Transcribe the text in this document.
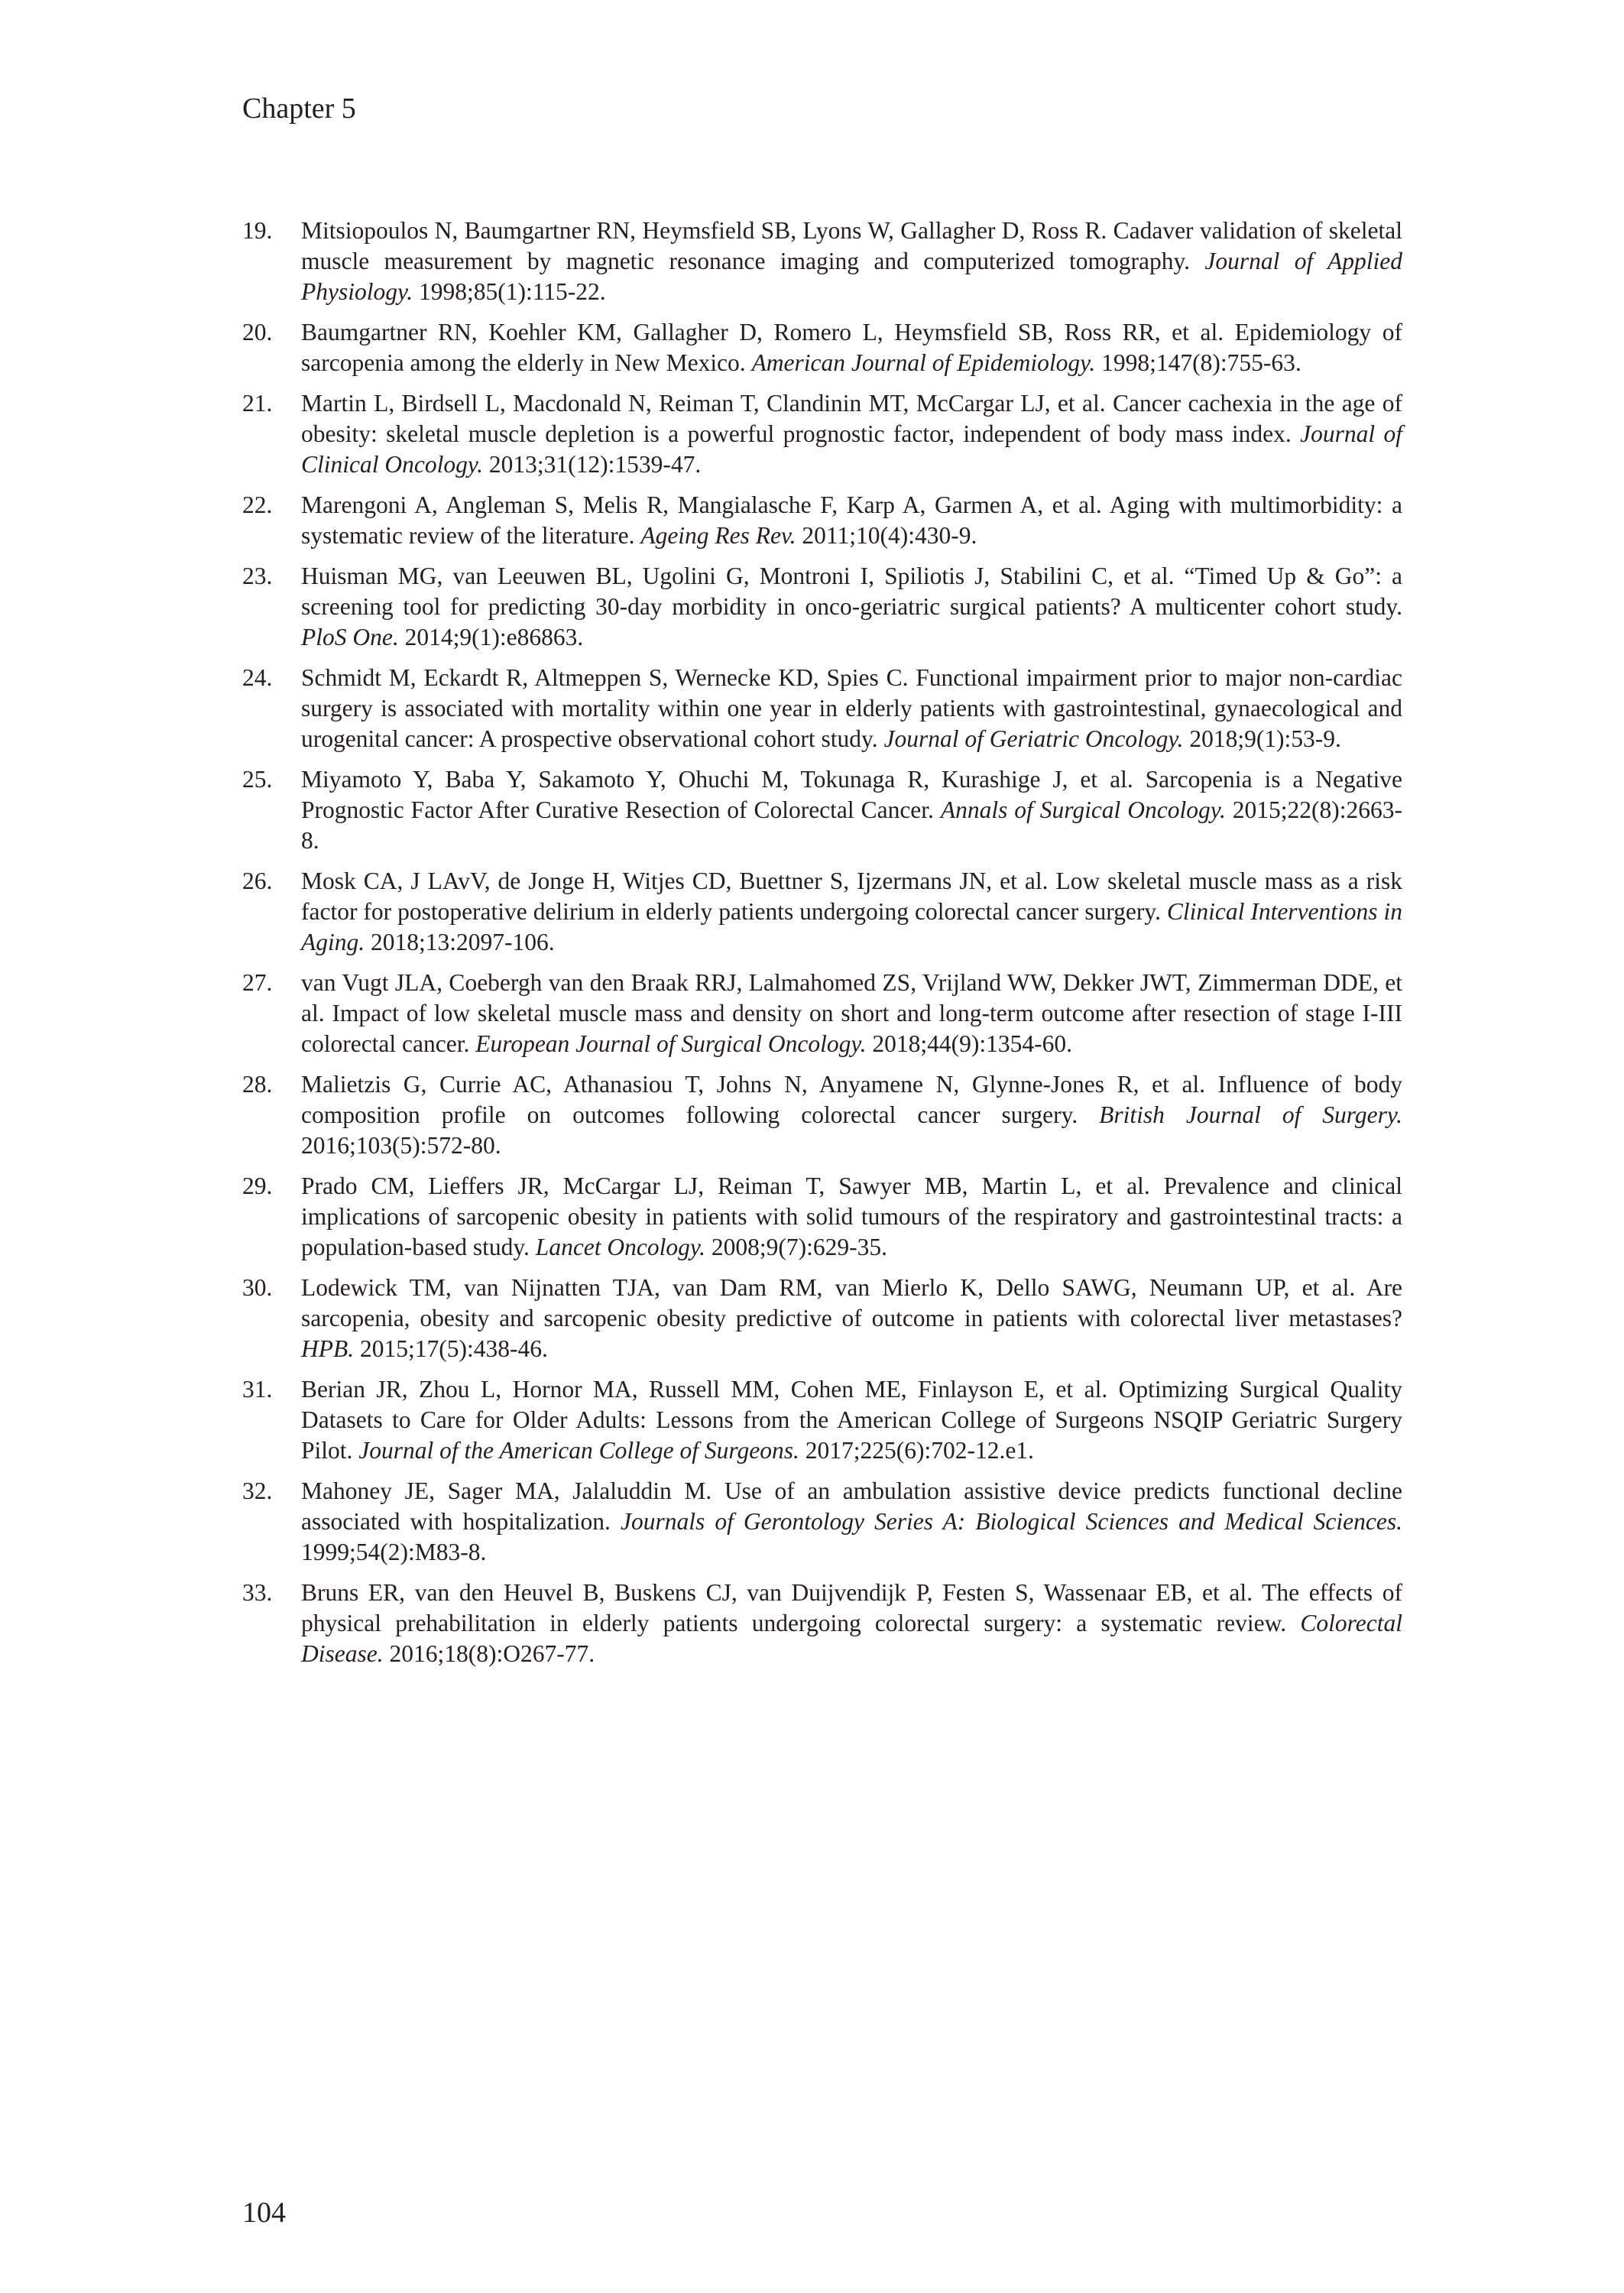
Chapter 5
19. Mitsiopoulos N, Baumgartner RN, Heymsfield SB, Lyons W, Gallagher D, Ross R. Cadaver validation of skeletal muscle measurement by magnetic resonance imaging and computerized tomography. Journal of Applied Physiology. 1998;85(1):115-22.
20. Baumgartner RN, Koehler KM, Gallagher D, Romero L, Heymsfield SB, Ross RR, et al. Epidemiology of sarcopenia among the elderly in New Mexico. American Journal of Epidemiology. 1998;147(8):755-63.
21. Martin L, Birdsell L, Macdonald N, Reiman T, Clandinin MT, McCargar LJ, et al. Cancer cachexia in the age of obesity: skeletal muscle depletion is a powerful prognostic factor, independent of body mass index. Journal of Clinical Oncology. 2013;31(12):1539-47.
22. Marengoni A, Angleman S, Melis R, Mangialasche F, Karp A, Garmen A, et al. Aging with multimorbidity: a systematic review of the literature. Ageing Res Rev. 2011;10(4):430-9.
23. Huisman MG, van Leeuwen BL, Ugolini G, Montroni I, Spiliotis J, Stabilini C, et al. “Timed Up & Go”: a screening tool for predicting 30-day morbidity in onco-geriatric surgical patients? A multicenter cohort study. PloS One. 2014;9(1):e86863.
24. Schmidt M, Eckardt R, Altmeppen S, Wernecke KD, Spies C. Functional impairment prior to major non-cardiac surgery is associated with mortality within one year in elderly patients with gastrointestinal, gynaecological and urogenital cancer: A prospective observational cohort study. Journal of Geriatric Oncology. 2018;9(1):53-9.
25. Miyamoto Y, Baba Y, Sakamoto Y, Ohuchi M, Tokunaga R, Kurashige J, et al. Sarcopenia is a Negative Prognostic Factor After Curative Resection of Colorectal Cancer. Annals of Surgical Oncology. 2015;22(8):2663-8.
26. Mosk CA, J LAvV, de Jonge H, Witjes CD, Buettner S, Ijzermans JN, et al. Low skeletal muscle mass as a risk factor for postoperative delirium in elderly patients undergoing colorectal cancer surgery. Clinical Interventions in Aging. 2018;13:2097-106.
27. van Vugt JLA, Coebergh van den Braak RRJ, Lalmahomed ZS, Vrijland WW, Dekker JWT, Zimmerman DDE, et al. Impact of low skeletal muscle mass and density on short and long-term outcome after resection of stage I-III colorectal cancer. European Journal of Surgical Oncology. 2018;44(9):1354-60.
28. Malietzis G, Currie AC, Athanasiou T, Johns N, Anyamene N, Glynne-Jones R, et al. Influence of body composition profile on outcomes following colorectal cancer surgery. British Journal of Surgery. 2016;103(5):572-80.
29. Prado CM, Lieffers JR, McCargar LJ, Reiman T, Sawyer MB, Martin L, et al. Prevalence and clinical implications of sarcopenic obesity in patients with solid tumours of the respiratory and gastrointestinal tracts: a population-based study. Lancet Oncology. 2008;9(7):629-35.
30. Lodewick TM, van Nijnatten TJA, van Dam RM, van Mierlo K, Dello SAWG, Neumann UP, et al. Are sarcopenia, obesity and sarcopenic obesity predictive of outcome in patients with colorectal liver metastases? HPB. 2015;17(5):438-46.
31. Berian JR, Zhou L, Hornor MA, Russell MM, Cohen ME, Finlayson E, et al. Optimizing Surgical Quality Datasets to Care for Older Adults: Lessons from the American College of Surgeons NSQIP Geriatric Surgery Pilot. Journal of the American College of Surgeons. 2017;225(6):702-12.e1.
32. Mahoney JE, Sager MA, Jalaluddin M. Use of an ambulation assistive device predicts functional decline associated with hospitalization. Journals of Gerontology Series A: Biological Sciences and Medical Sciences. 1999;54(2):M83-8.
33. Bruns ER, van den Heuvel B, Buskens CJ, van Duijvendijk P, Festen S, Wassenaar EB, et al. The effects of physical prehabilitation in elderly patients undergoing colorectal surgery: a systematic review. Colorectal Disease. 2016;18(8):O267-77.
104
